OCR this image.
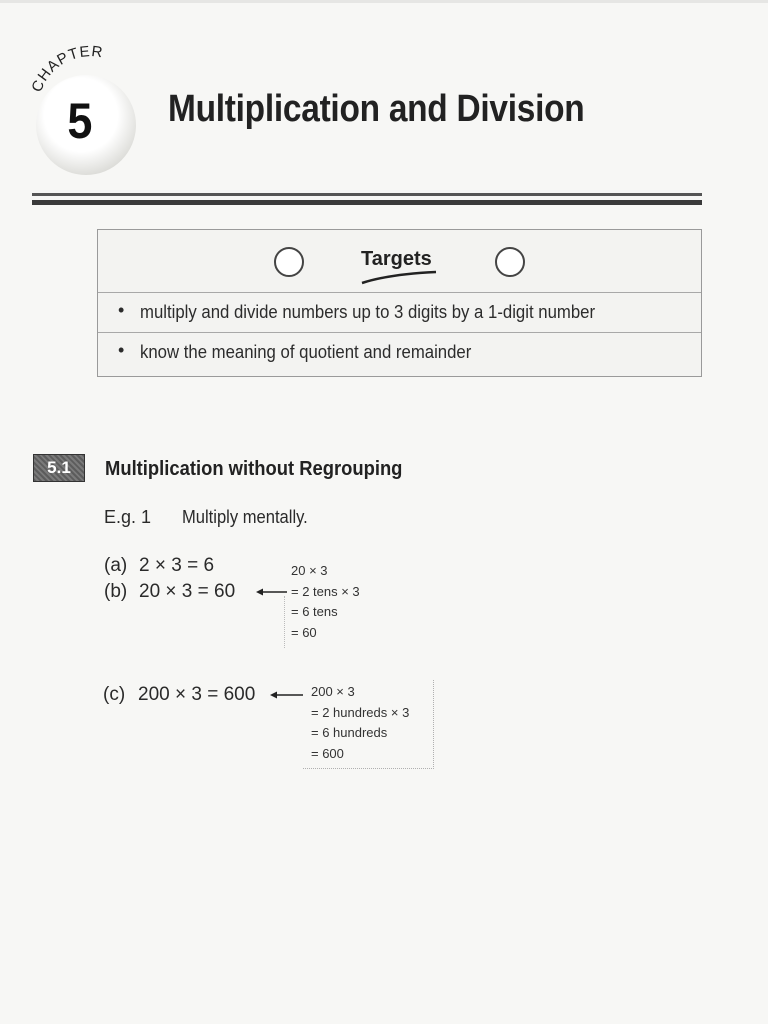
CHAPTER
5 Multiplication and Division
Targets
• multiply and divide numbers up to 3 digits by a 1-digit number
• know the meaning of quotient and remainder
5.1	Multiplication without Regrouping
E.g. 1 Multiply mentally.
(a) 2 × 3 = 6
(b) 20 × 3 = 60
20 × 3
= 2 tens × 3
= 6 tens
= 60
(c) 200 × 3 = 600	200 × 3
= 2 hundreds × 3
= 6 hundreds
= 600
